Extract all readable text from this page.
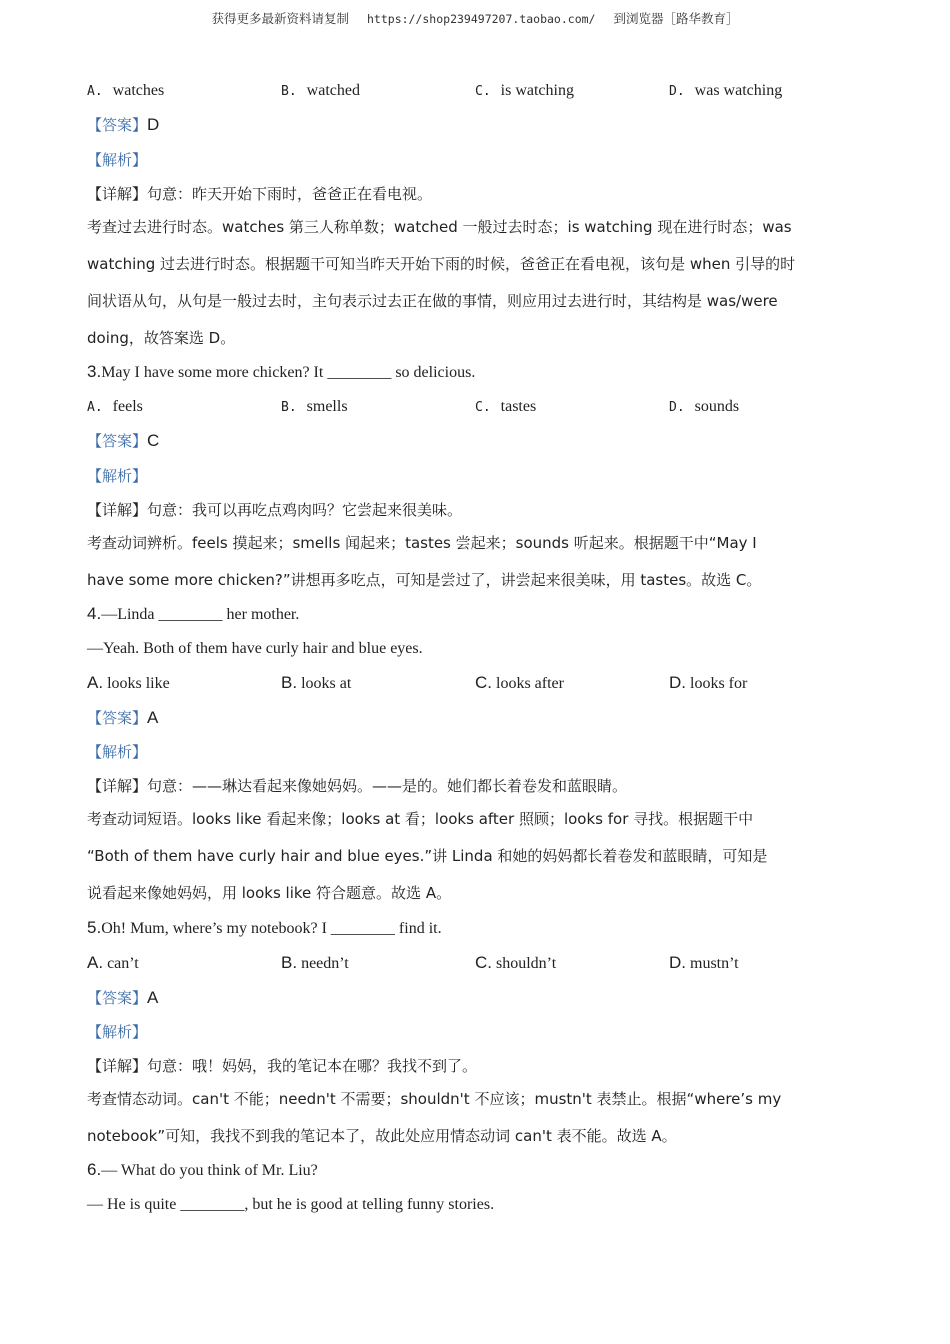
获得更多最新资料请复制 https://shop239497207.taobao.com/ 到浏览器［路华教育］
A. watches	B. watched	C. is watching	D. was watching
【答案】D
【解析】
【详解】句意：昨天开始下雨时，爸爸正在看电视。
考查过去进行时态。watches 第三人称单数；watched 一般过去时态；is watching 现在进行时态；was
watching 过去进行时态。根据题干可知当昨天开始下雨的时候，爸爸正在看电视，该句是 when 引导的时
间状语从句，从句是一般过去时，主句表示过去正在做的事情，则应用过去进行时，其结构是 was/were
doing，故答案选 D。
3.May I have some more chicken? It ________ so delicious.
A. feels	B. smells	C. tastes	D. sounds
【答案】C
【解析】
【详解】句意：我可以再吃点鸡肉吗？它尝起来很美味。
考查动词辨析。feels 摸起来；smells 闻起来；tastes 尝起来；sounds 听起来。根据题干中“May I
have some more chicken?”讲想再多吃点，可知是尝过了，讲尝起来很美味，用 tastes。故选 C。
4.—Linda ________ her mother.
—Yeah. Both of them have curly hair and blue eyes.
A. looks like	B. looks at	C. looks after	D. looks for
【答案】A
【解析】
【详解】句意：——琳达看起来像她妈妈。——是的。她们都长着卷发和蓝眼睛。
考查动词短语。looks like 看起来像；looks at 看；looks after 照顾；looks for 寻找。根据题干中
“Both of them have curly hair and blue eyes.”讲 Linda 和她的妈妈都长着卷发和蓝眼睛，可知是
说看起来像她妈妈，用 looks like 符合题意。故选 A。
5.Oh! Mum, where’s my notebook? I ________ find it.
A. can’t	B. needn’t	C. shouldn’t	D. mustn’t
【答案】A
【解析】
【详解】句意：哦！妈妈，我的笔记本在哪？我找不到了。
考查情态动词。can't 不能；needn't 不需要；shouldn't 不应该；mustn't 表禁止。根据“where’s my
notebook”可知，我找不到我的笔记本了，故此处应用情态动词 can't 表不能。故选 A。
6.— What do you think of Mr. Liu?
— He is quite ________, but he is good at telling funny stories.
